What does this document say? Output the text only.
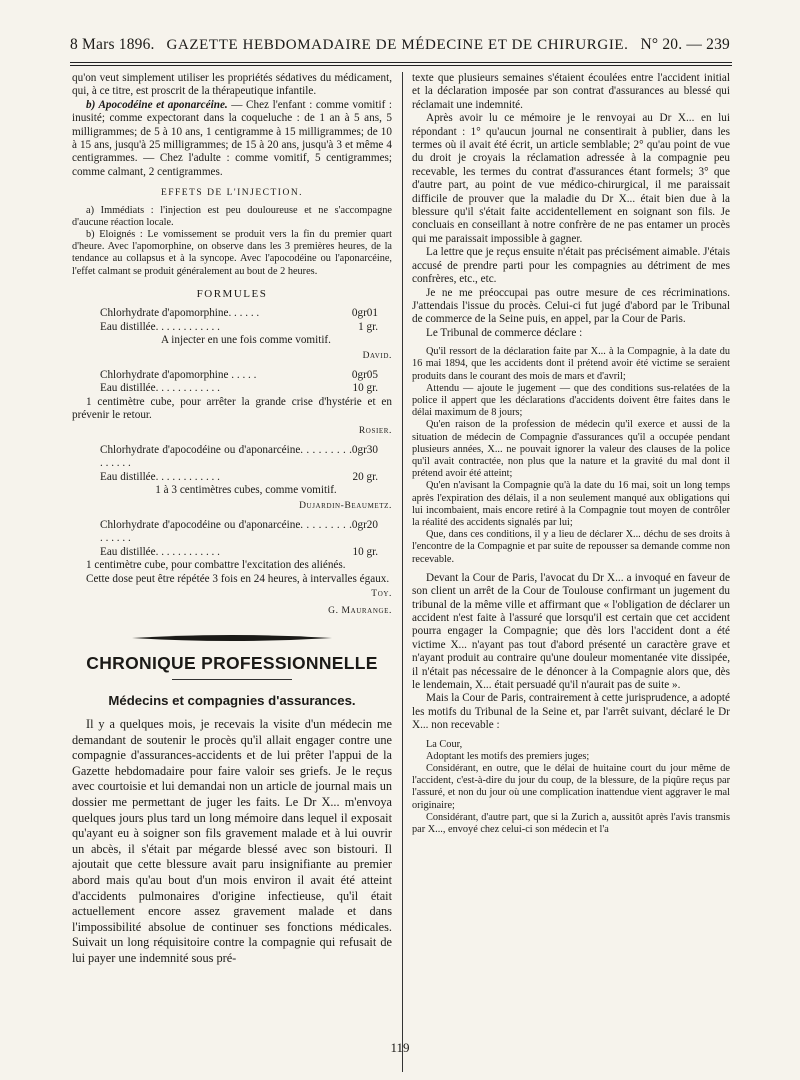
8 Mars 1896. GAZETTE HEBDOMADAIRE DE MÉDECINE ET DE CHIRURGIE. N° 20. — 239

qu'on veut simplement utiliser les propriétés sédatives du médicament, qui, à ce titre, est proscrit de la thérapeutique infantile.

b) Apocodéine et aponarcéine. — Chez l'enfant : comme vomitif : inusité; comme expectorant dans la coqueluche : de 1 an à 5 ans, 5 milligrammes; de 5 à 10 ans, 1 centigramme à 15 milligrammes; de 10 à 15 ans, jusqu'à 25 milligrammes; de 15 à 20 ans, jusqu'à 3 et même 4 centigrammes. — Chez l'adulte : comme vomitif, 5 centigrammes; comme calmant, 2 centigrammes.

EFFETS DE L'INJECTION.

a) Immédiats : l'injection est peu douloureuse et ne s'accompagne d'aucune réaction locale.

b) Eloignés : Le vomissement se produit vers la fin du premier quart d'heure. Avec l'apomorphine, on observe dans les 3 premières heures, de la tendance au collapsus et à la syncope. Avec l'apocodéine ou l'aponarcéine, l'effet calmant se produit généralement au bout de 2 heures.

FORMULES
Chlorhydrate d'apomorphine. . . . . .	0gr01
Eau distillée. . . . . . . . . . . .	1 gr.
A injecter en une fois comme vomitif.
David.
Chlorhydrate d'apomorphine . . . . .	0gr05
Eau distillée. . . . . . . . . . . .	10 gr.

1 centimètre cube, pour arrêter la grande crise d'hystérie et en prévenir le retour.

Rosier.
Chlorhydrate d'apocodéine ou d'aponarcéine. . . . . . . . . . . . . . .
0gr30
Eau distillée. . . . . . . . . . . .	20 gr.
1 à 3 centimètres cubes, comme vomitif.
Dujardin-Beaumetz.
Chlorhydrate d'apocodéine ou d'aponarcéine. . . . . . . . . . . . . . .
0gr20
Eau distillée. . . . . . . . . . . .	10 gr.

1 centimètre cube, pour combattre l'excitation des aliénés.

Cette dose peut être répétée 3 fois en 24 heures, à intervalles égaux.

Toy.
G. Maurange.
CHRONIQUE PROFESSIONNELLE
Médecins et compagnies d'assurances.

Il y a quelques mois, je recevais la visite d'un médecin me demandant de soutenir le procès qu'il allait engager contre une compagnie d'assurances-accidents et de lui prêter l'appui de la Gazette hebdomadaire pour faire valoir ses griefs. Je le reçus avec courtoisie et lui demandai non un article de journal mais un dossier me permettant de juger les faits. Le Dr X... m'envoya quelques jours plus tard un long mémoire dans lequel il exposait qu'ayant eu à soigner son fils gravement malade et à lui ouvrir un abcès, il s'était par mégarde blessé avec son bistouri. Il ajoutait que cette blessure avait paru insignifiante au premier abord mais qu'au bout d'un mois environ il avait été atteint d'accidents pulmonaires d'origine infectieuse, qu'il était actuellement encore assez gravement malade et dans l'impossibilité absolue de continuer ses fonctions médicales. Suivait un long réquisitoire contre la compagnie qui refusait de lui payer une indemnité sous pré-

texte que plusieurs semaines s'étaient écoulées entre l'accident initial et la déclaration imposée par son contrat d'assurances au blessé qui réclamait une indemnité.

Après avoir lu ce mémoire je le renvoyai au Dr X... en lui répondant : 1° qu'aucun journal ne consentirait à publier, dans les termes où il avait été écrit, un article semblable; 2° qu'au point de vue du droit je croyais la réclamation adressée à la compagnie peu recevable, les termes du contrat d'assurances étant formels; 3° que d'autre part, au point de vue médico-chirurgical, il me paraissait difficile de prouver que la maladie du Dr X... était bien due à la blessure qu'il s'était faite accidentellement en soignant son fils. Je concluais en conseillant à notre confrère de ne pas entamer un procès qui me paraissait impossible à gagner.

La lettre que je reçus ensuite n'était pas précisément aimable. J'étais accusé de prendre parti pour les compagnies au détriment de mes confrères, etc., etc.

Je ne me préoccupai pas outre mesure de ces récriminations. J'attendais l'issue du procès. Celui-ci fut jugé d'abord par le Tribunal de commerce de la Seine puis, en appel, par la Cour de Paris.

Le Tribunal de commerce déclare :

Qu'il ressort de la déclaration faite par X... à la Compagnie, à la date du 16 mai 1894, que les accidents dont il prétend avoir été victime se seraient produits dans le courant des mois de mars et d'avril;

Attendu — ajoute le jugement — que des conditions sus-relatées de la police il appert que les déclarations d'accidents doivent être faites dans le délai maximum de 8 jours;

Qu'en raison de la profession de médecin qu'il exerce et aussi de la situation de médecin de Compagnie d'assurances qu'il a occupée pendant plusieurs années, X... ne pouvait ignorer la valeur des clauses de la police qu'il avait contractée, non plus que la nature et la gravité du mal dont il prétend avoir été atteint;

Qu'en n'avisant la Compagnie qu'à la date du 16 mai, soit un long temps après l'expiration des délais, il a non seulement manqué aux obligations qui lui incombaient, mais encore retiré à la Compagnie tout moyen de contrôler la réalité des accidents signalés par lui;

Que, dans ces conditions, il y a lieu de déclarer X... déchu de ses droits à l'encontre de la Compagnie et par suite de repousser sa demande comme non recevable.

Devant la Cour de Paris, l'avocat du Dr X... a invoqué en faveur de son client un arrêt de la Cour de Toulouse confirmant un jugement du tribunal de la même ville et affirmant que « l'obligation de déclarer un accident n'est faite à l'assuré que lorsqu'il est certain que cet accident pourra engager la Compagnie; que dès lors l'accident dont a été victime X... n'ayant pas tout d'abord présenté un caractère grave et n'ayant produit au contraire qu'une douleur momentanée vite dissipée, il n'était pas nécessaire de le dénoncer à la Compagnie alors que, dès le lendemain, X... était persuadé qu'il n'aurait pas de suite ».

Mais la Cour de Paris, contrairement à cette jurisprudence, a adopté les motifs du Tribunal de la Seine et, par l'arrêt suivant, déclaré le Dr X... non recevable :

La Cour,

Adoptant les motifs des premiers juges;

Considérant, en outre, que le délai de huitaine court du jour même de l'accident, c'est-à-dire du jour du coup, de la blessure, de la piqûre reçus par l'assuré, et non du jour où une complication inattendue vient aggraver le mal originaire;

Considérant, d'autre part, que si la Zurich a, aussitôt après l'avis transmis par X..., envoyé chez celui-ci son médecin et l'a

119
